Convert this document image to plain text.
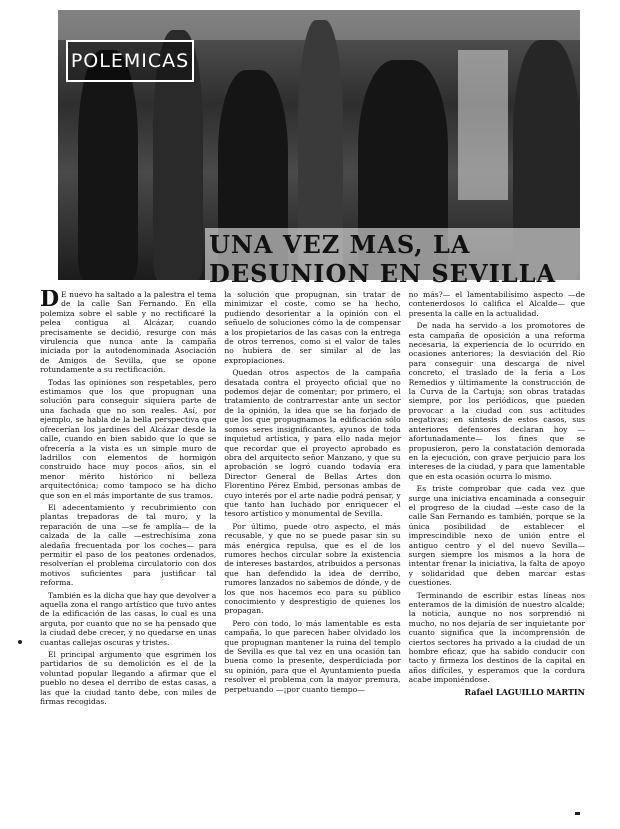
POLEMICAS
UNA VEZ MAS, LA DESUNION EN SEVILLA

D E nuevo ha saltado a la palestra el tema de la calle San Fernando. En ella polemiza sobre el sable y no rectificaré la pelea contigua al Alcázar, cuando precisamente se decidió, resurge con más virulencia que nunca ante la campaña iniciada por la autodenominada Asociación de Amigos de Sevilla, que se opone rotundamente a su rectificación.

Todas las opiniones son respetables, pero estimamos que los que propugnan una solución para conseguir siquiera parte de una fachada que no son reales. Así, por ejemplo, se habla de la bella perspectiva que ofrecerían los jardines del Alcázar desde la calle, cuando en bien sabido que lo que se ofrecería a la vista es un simple muro de ladrillos con elementos de hormigón construido hace muy pocos años, sin el menor mérito histórico ni belleza arquitectónica; como tampoco se ha dicho que son en el más importante de sus tramos.

El adecentamiento y recubrimiento con plantas trepadoras de tal muro, y la reparación de una —se fe amplía— de la calzada de la calle —estrechísima zona aledaña frecuentada por los coches— para permitir el paso de los peatones ordenados, resolverían el problema circulatorio con dos motivos suficientes para justificar tal reforma.

También es la dicha que hay que devolver a aquella zona el rango artístico que tuvo antes de la edificación de las casas, lo cual es una arguta, por cuanto que no se ha pensado que la ciudad debe crecer, y no quedarse en unas cuantas callejas oscuras y tristes.

El principal argumento que esgrimen los partidarios de su demolición es el de la voluntad popular llegando a afirmar que el pueblo no desea el derribo de estas casas, a las que la ciudad tanto debe, con miles de firmas recogidas.

la solución que propugnan, sin tratar de minimizar el coste, como se ha hecho, pudiendo desorientar a la opinión con el señuelo de soluciones cómo la de compensar a los propietarios de las casas con la entrega de otros terrenos, como si el valor de tales no hubiera de ser similar al de las expropiaciones.

Quedan otros aspectos de la campaña desatada contra el proyecto oficial que no podemos dejar de comentar; por primero, el tratamiento de contrarrestar ante un sector de la opinión, la idea que se ha forjado de que los que propugnamos la edificación sólo somos seres insignificantes, ayunos de toda inquietud artística, y para ello nada mejor que recordar que el proyecto aprobado es obra del arquitecto señor Manzano, y que su aprobación se logró cuando todavía era Director General de Bellas Artes don Florentino Pérez Embid, personas ambas de cuyo interés por el arte nadie podrá pensar, y que tanto han luchado por enriquecer el tesoro artístico y monumental de Sevilla.

Por último, puede otro aspecto, el más recusable, y que no se puede pasar sin su más enérgica repulsa, que es el de los rumores hechos circular sobre la existencia de intereses bastardos, atribuidos a personas que han defendido la idea de derribo, rumores lanzados no sabemos de dónde, y de los que nos hacemos eco para su público conocimiento y desprestigio de quienes los propagan.

Pero con todo, lo más lamentable es esta campaña, lo que parecen haber olvidado los que propugnan mantener la ruina del templo de Sevilla es que tal vez en una ocasión tan buena como la presente, desperdiciada por su opinión, para que el Ayuntamiento pueda resolver el problema con la mayor premura, perpetuando —¡por cuanto tiempo—

no más?— el lamentabilísimo aspecto —de contenerdosos lo califica el Alcalde— que presenta la calle en la actualidad.

De nada ha servido a los promotores de esta campaña de oposición a una reforma necesaria, la experiencia de lo ocurrido en ocasiones anteriores; la desviación del Río para conseguir una descarga de nivel concreto, el traslado de la feria a Los Remedios y últimamente la construcción de la Curva de la Cartuja; son obras tratadas siempre, por los periódicos, que pueden provocar a la ciudad con sus actitudes negativas; en síntesis de estos casos, sus anteriores defensores declaran hoy —afortunadamente— los fines que se propusieron, pero la constatación demorada en la ejecución, con grave perjuicio para los intereses de la ciudad, y para que lamentable que en esta ocasión ocurra lo mismo.

Es triste comprobar que cada vez que surge una iniciativa encaminada a conseguir el progreso de la ciudad —este caso de la calle San Fernando es también, porque se la única posibilidad de establecer el imprescindible nexo de unión entre el antiguo centro y el del nuevo Sevilla— surgen siempre los mismos a la hora de intentar frenar la iniciativa, la falta de apoyo y solidaridad que deben marcar estas cuestiones.

Terminando de escribir estas líneas nos enteramos de la dimisión de nuestro alcalde; la noticia, aunque no nos sorprendió ni mucho, no nos dejaría de ser inquietante por cuanto significa que la incomprensión de ciertos sectores ha privado a la ciudad de un hombre eficaz, que ha sabido conducir con tacto y firmeza los destinos de la capital en años difíciles, y esperamos que la cordura acabe imponiéndose.

Rafael LAGUILLO MARTIN
